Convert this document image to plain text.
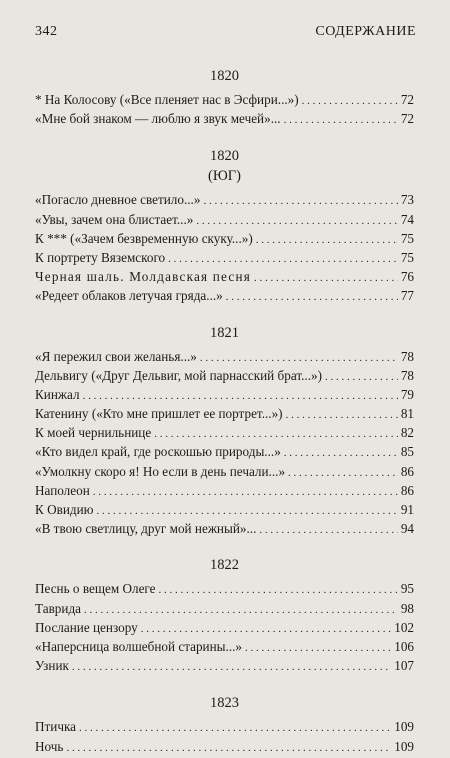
342	СОДЕРЖАНИЕ
1820
* На Колосову («Все пленяет нас в Эсфири...») . . .	72
«Мне бой знаком — люблю я звук мечей»... . . .	72
1820
(ЮГ)
«Погасло дневное светило...» . . .	73
«Увы, зачем она блистает...» . . .	74
К *** («Зачем безвременную скуку...») . . .	75
К портрету Вяземского . . .	75
Черная шаль. Молдавская песня . . .	76
«Редеет облаков летучая гряда...» . . .	77
1821
«Я пережил свои желанья...» . . .	78
Дельвигу («Друг Дельвиг, мой парнасский брат...») . . .	78
Кинжал . . .	79
Катенину («Кто мне пришлет ее портрет...») . . .	81
К моей чернильнице . . .	82
«Кто видел край, где роскошью природы...» . . .	85
«Умолкну скоро я! Но если в день печали...» . . .	86
Наполеон . . .	86
К Овидию . . .	91
«В твою светлицу, друг мой нежный»... . . .	94
1822
Песнь о вещем Олеге . . .	95
Таврида . . .	98
Послание цензору . . .	102
«Наперсница волшебной старины...» . . .	106
Узник . . .	107
1823
Птичка . . .	109
Ночь . . .	109
